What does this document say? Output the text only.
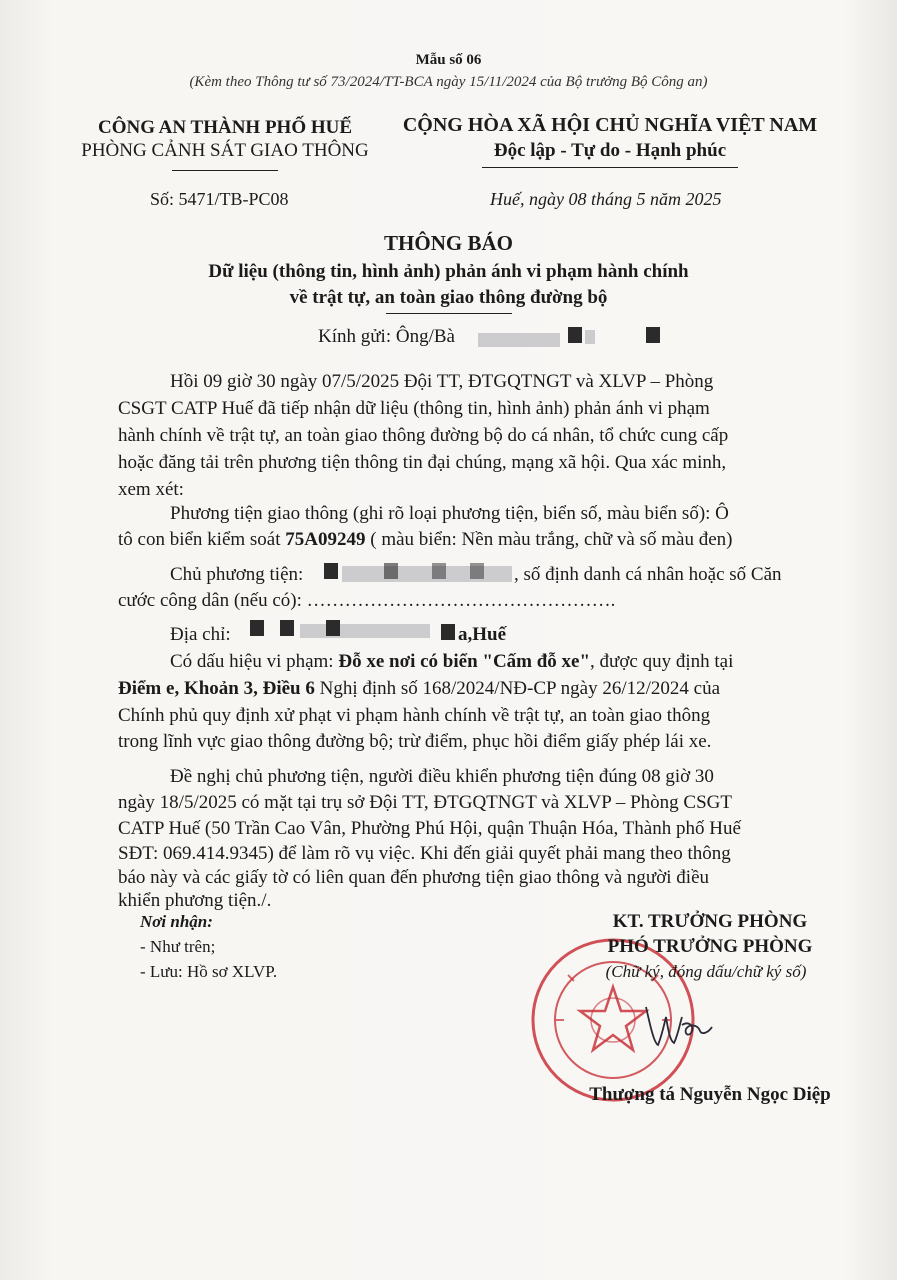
Mẫu số 06
(Kèm theo Thông tư số 73/2024/TT-BCA ngày 15/11/2024 của Bộ trưởng Bộ Công an)
CÔNG AN THÀNH PHỐ HUẾ
PHÒNG CẢNH SÁT GIAO THÔNG
CỘNG HÒA XÃ HỘI CHỦ NGHĨA VIỆT NAM
Độc lập - Tự do - Hạnh phúc
Số: 5471/TB-PC08	Huế, ngày 08 tháng 5 năm 2025
THÔNG BÁO
Dữ liệu (thông tin, hình ảnh) phản ánh vi phạm hành chính
về trật tự, an toàn giao thông đường bộ
Kính gửi: Ông/Bà
Hồi 09 giờ 30 ngày 07/5/2025 Đội TT, ĐTGQTNGT và XLVP – Phòng
CSGT CATP Huế đã tiếp nhận dữ liệu (thông tin, hình ảnh) phản ánh vi phạm
hành chính về trật tự, an toàn giao thông đường bộ do cá nhân, tổ chức cung cấp
hoặc đăng tải trên phương tiện thông tin đại chúng, mạng xã hội. Qua xác minh,
xem xét:
Phương tiện giao thông (ghi rõ loại phương tiện, biển số, màu biển số): Ô
tô con biển kiểm soát 75A09249 ( màu biển: Nền màu trắng, chữ và số màu đen)
Chủ phương tiện:	, số định danh cá nhân hoặc số Căn
cước công dân (nếu có): ………………………………………….
Địa chỉ:	a,Huế
Có dấu hiệu vi phạm: Đỗ xe nơi có biển "Cấm đỗ xe", được quy định tại
Điểm e, Khoản 3, Điều 6 Nghị định số 168/2024/NĐ-CP ngày 26/12/2024 của
Chính phủ quy định xử phạt vi phạm hành chính về trật tự, an toàn giao thông
trong lĩnh vực giao thông đường bộ; trừ điểm, phục hồi điểm giấy phép lái xe.
Đề nghị chủ phương tiện, người điều khiển phương tiện đúng 08 giờ 30
ngày 18/5/2025 có mặt tại trụ sở Đội TT, ĐTGQTNGT và XLVP – Phòng CSGT
CATP Huế (50 Trần Cao Vân, Phường Phú Hội, quận Thuận Hóa, Thành phố Huế
SĐT: 069.414.9345) để làm rõ vụ việc. Khi đến giải quyết phải mang theo thông
báo này và các giấy tờ có liên quan đến phương tiện giao thông và người điều
khiển phương tiện./.
Nơi nhận:
- Như trên;
- Lưu: Hồ sơ XLVP.
KT. TRƯỞNG PHÒNG
PHÓ TRƯỞNG PHÒNG
(Chữ ký, đóng dấu/chữ ký số)
Thượng tá Nguyễn Ngọc Diệp
